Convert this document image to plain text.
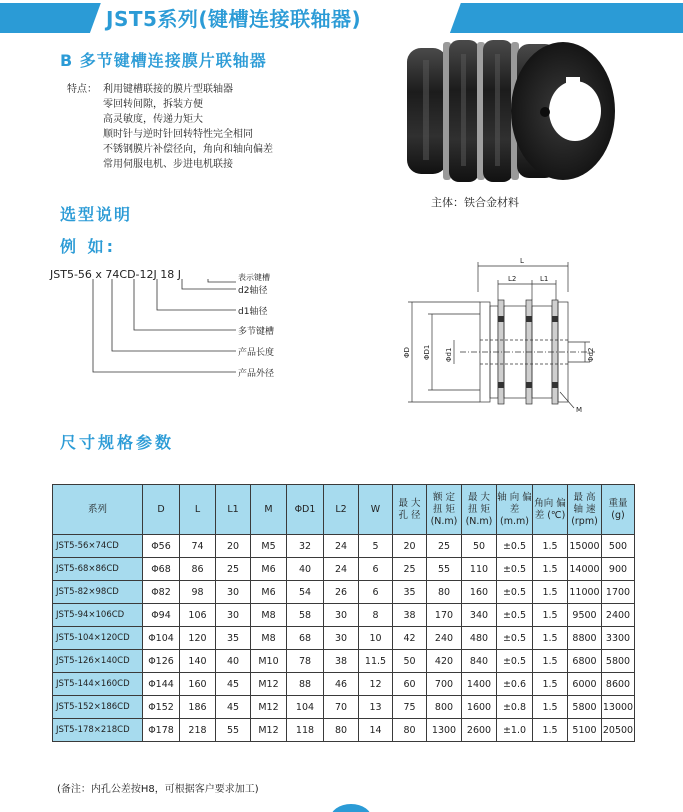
JST5系列(键槽连接联轴器)
B 多节键槽连接膜片联轴器
特点： 利用键槽联接的膜片型联轴器
零回转间隙，拆装方便
高灵敏度，传递力矩大
顺时针与逆时针回转特性完全相同
不锈钢膜片补偿径向，角向和轴向偏差
常用伺服电机、步进电机联接
主体：铁合金材料
选型说明
例 如:
JST5-56 x 74CD-12J 18 J	表示键槽
d2轴径
d1轴径
多节键槽
产品长度
产品外径
L
L2	L1
ΦD ΦD1 Φd1	Φd2
M
尺寸规格参数
系列	D	L	L1	M	ΦD1	L2	W	最 大 孔 径	额 定 扭 矩 (N.m)	最 大 扭 矩 (N.m)	轴 向 偏 差 (m.m)	角向 偏差 (℃)	最 高 轴 速 (rpm)	重量 (g)
JST5-56×74CD	Φ56	74	20	M5	32	24	5	20	25	50	±0.5	1.5	15000	500
JST5-68×86CD	Φ68	86	25	M6	40	24	6	25	55	110	±0.5	1.5	14000	900
JST5-82×98CD	Φ82	98	30	M6	54	26	6	35	80	160	±0.5	1.5	11000	1700
JST5-94×106CD	Φ94	106	30	M8	58	30	8	38	170	340	±0.5	1.5	9500	2400
JST5-104×120CD	Φ104	120	35	M8	68	30	10	42	240	480	±0.5	1.5	8800	3300
JST5-126×140CD	Φ126	140	40	M10	78	38	11.5	50	420	840	±0.5	1.5	6800	5800
JST5-144×160CD	Φ144	160	45	M12	88	46	12	60	700	1400	±0.6	1.5	6000	8600
JST5-152×186CD	Φ152	186	45	M12	104	70	13	75	800	1600	±0.8	1.5	5800	13000
JST5-178×218CD	Φ178	218	55	M12	118	80	14	80	1300	2600	±1.0	1.5	5100	20500
(备注：内孔公差按H8，可根据客户要求加工)
